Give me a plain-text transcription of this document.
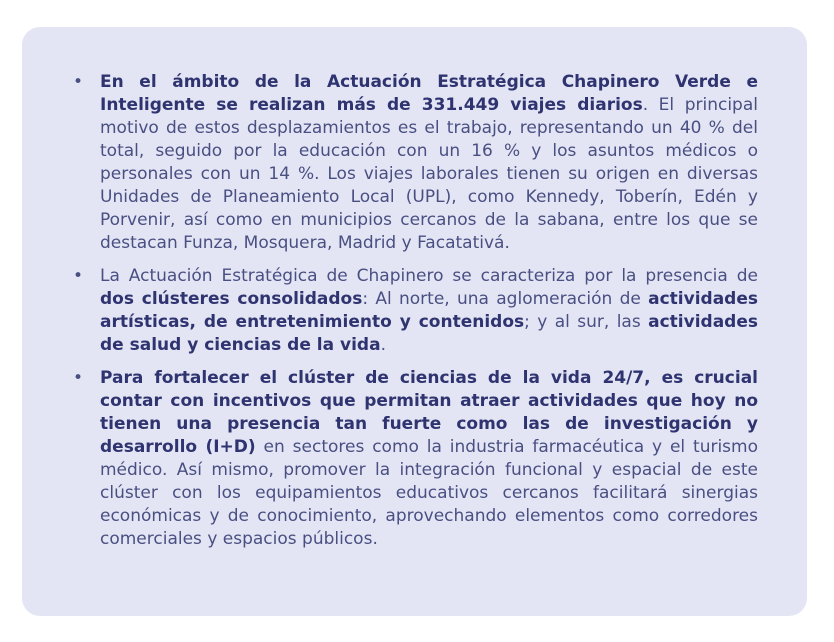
• En el ámbito de la Actuación Estratégica Chapinero Verde e Inteligente se realizan más de 331.449 viajes diarios. El principal motivo de estos desplazamientos es el trabajo, representando un 40 % del total, seguido por la educación con un 16 % y los asuntos médicos o personales con un 14 %. Los viajes laborales tienen su origen en diversas Unidades de Planeamiento Local (UPL), como Kennedy, Toberín, Edén y Porvenir, así como en municipios cercanos de la sabana, entre los que se destacan Funza, Mosquera, Madrid y Facatativá.
• La Actuación Estratégica de Chapinero se caracteriza por la presencia de dos clústeres consolidados: Al norte, una aglomeración de actividades artísticas, de entretenimiento y contenidos; y al sur, las actividades de salud y ciencias de la vida.
• Para fortalecer el clúster de ciencias de la vida 24/7, es crucial contar con incentivos que permitan atraer actividades que hoy no tienen una presencia tan fuerte como las de investigación y desarrollo (I+D) en sectores como la industria farmacéutica y el turismo médico. Así mismo, promover la integración funcional y espacial de este clúster con los equipamientos educativos cercanos facilitará sinergias económicas y de conocimiento, aprovechando elementos como corredores comerciales y espacios públicos.
